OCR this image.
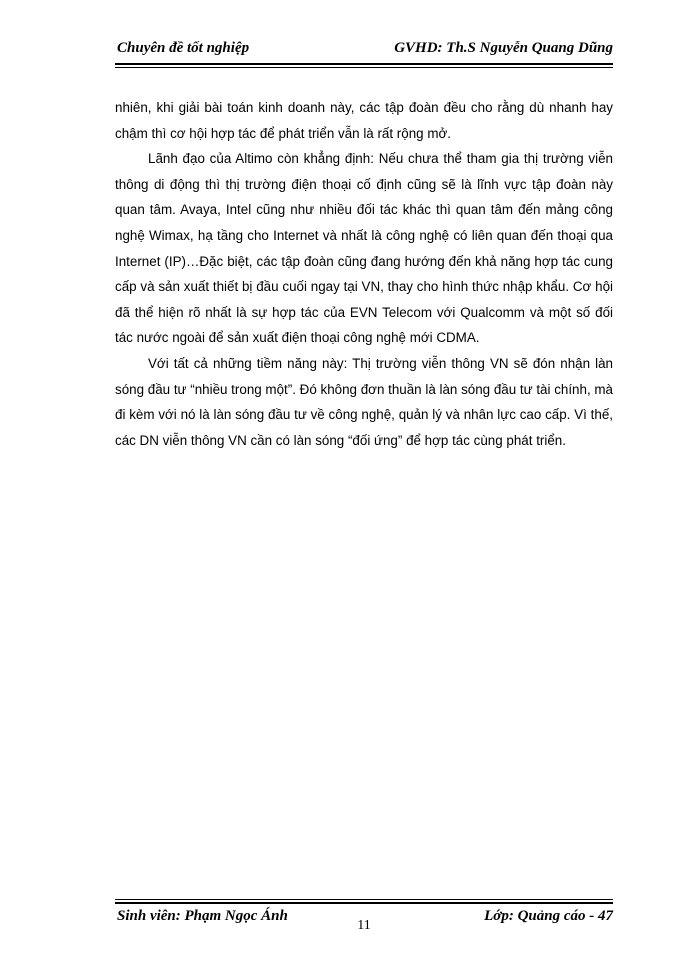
Chuyên đề tốt nghiệp	GVHD: Th.S Nguyễn Quang Dũng

nhiên, khi giải bài toán kinh doanh này, các tập đoàn đều cho rằng dù nhanh hay chậm thì cơ hội hợp tác để phát triển vẫn là rất rộng mở.

Lãnh đạo của Altimo còn khẳng định: Nếu chưa thể tham gia thị trường viễn thông di động thì thị trường điện thoại cố định cũng sẽ là lĩnh vực tập đoàn này quan tâm. Avaya, Intel cũng như nhiều đối tác khác thì quan tâm đến mảng công nghệ Wimax, hạ tầng cho Internet và nhất là công nghệ có liên quan đến thoại qua Internet (IP)…Đặc biệt, các tập đoàn cũng đang hướng đến khả năng hợp tác cung cấp và sản xuất thiết bị đầu cuối ngay tại VN, thay cho hình thức nhập khẩu. Cơ hội đã thể hiện rõ nhất là sự hợp tác của EVN Telecom với Qualcomm và một số đối tác nước ngoài để sản xuất điện thoại công nghệ mới CDMA.

Với tất cả những tiềm năng này: Thị trường viễn thông VN sẽ đón nhận làn sóng đầu tư “nhiều trong một”. Đó không đơn thuần là làn sóng đầu tư tài chính, mà đi kèm với nó là làn sóng đầu tư về công nghệ, quản lý và nhân lực cao cấp. Vì thế, các DN viễn thông VN cần có làn sóng “đối ứng” để hợp tác cùng phát triển.

Sinh viên: Phạm Ngọc Ánh	Lớp: Quảng cáo - 47
11
